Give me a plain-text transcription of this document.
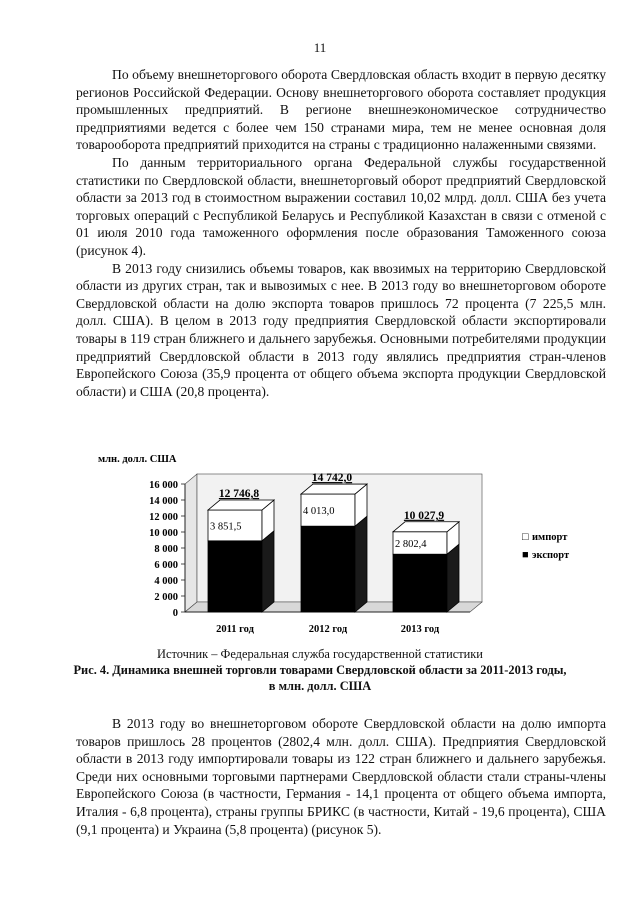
11

По объему внешнеторгового оборота Свердловская область входит в первую десятку регионов Российской Федерации. Основу внешнеторгового оборота составляет продукция промышленных предприятий. В регионе внешнеэкономическое сотрудничество предприятиями ведется с более чем 150 странами мира, тем не менее основная доля товарооборота предприятий приходится на страны с традиционно налаженными связями.

По данным территориального органа Федеральной службы государственной статистики по Свердловской области, внешнеторговый оборот предприятий Свердловской области за 2013 год в стоимостном выражении составил 10,02 млрд. долл. США без учета торговых операций с Республикой Беларусь и Республикой Казахстан в связи с отменой с 01 июля 2010 года таможенного оформления после образования Таможенного союза (рисунок 4).

В 2013 году снизились объемы товаров, как ввозимых на территорию Свердловской области из других стран, так и вывозимых с нее. В 2013 году во внешнеторговом обороте Свердловской области на долю экспорта товаров пришлось 72 процента (7 225,5 млн. долл. США). В целом в 2013 году предприятия Свердловской области экспортировали товары в 119 стран ближнего и дальнего зарубежья. Основными потребителями продукции предприятий Свердловской области в 2013 году являлись предприятия стран-членов Европейского Союза (35,9 процента от общего объема экспорта продукции Свердловской области) и США (20,8 процента).

0
2 000
4 000
6 000
8 000
10 000
12 000
14 000
16 000
млн. долл. США
3 851,5
12 746,8
2011 год
4 013,0
14 742,0
2012 год
2 802,4
10 027,9
2013 год
□ импорт
■ экспорт
Источник – Федеральная служба государственной статистики
Рис. 4. Динамика внешней торговли товарами Свердловской области за 2011-2013 годы,
в млн. долл. США

В 2013 году во внешнеторговом обороте Свердловской области на долю импорта товаров пришлось 28 процентов (2802,4 млн. долл. США). Предприятия Свердловской области в 2013 году импортировали товары из 122 стран ближнего и дальнего зарубежья. Среди них основными торговыми партнерами Свердловской области стали страны-члены Европейского Союза (в частности, Германия - 14,1 процента от общего объема импорта, Италия - 6,8 процента), страны группы БРИКС (в частности, Китай - 19,6 процента), США (9,1 процента) и Украина (5,8 процента) (рисунок 5).
